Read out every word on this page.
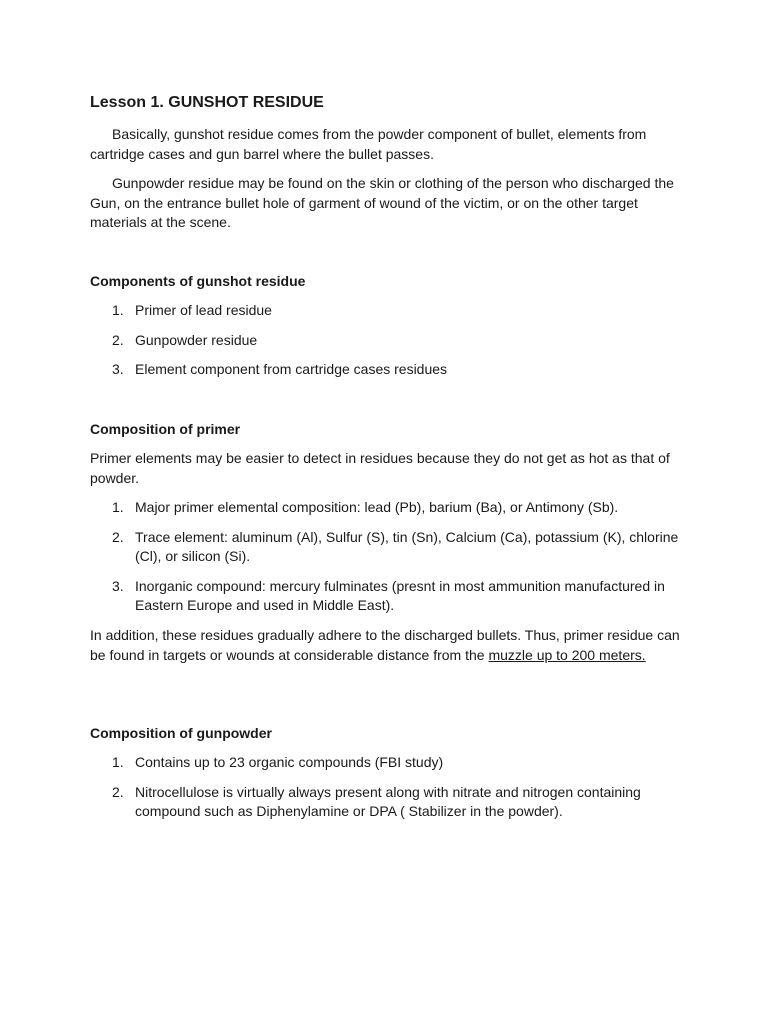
Lesson 1. GUNSHOT RESIDUE

Basically, gunshot residue comes from the powder component of bullet, elements from cartridge cases and gun barrel where the bullet passes.

Gunpowder residue may be found on the skin or clothing of the person who discharged the Gun, on the entrance bullet hole of garment of wound of the victim, or on the other target materials at the scene.

Components of gunshot residue
1. Primer of lead residue
2. Gunpowder residue
3. Element component from cartridge cases residues
Composition of primer

Primer elements may be easier to detect in residues because they do not get as hot as that of powder.

1. Major primer elemental composition: lead (Pb), barium (Ba), or Antimony (Sb).
2. Trace element: aluminum (Al), Sulfur (S), tin (Sn), Calcium (Ca), potassium (K), chlorine (Cl), or silicon (Si).
3. Inorganic compound: mercury fulminates (presnt in most ammunition manufactured in Eastern Europe and used in Middle East).

In addition, these residues gradually adhere to the discharged bullets. Thus, primer residue can be found in targets or wounds at considerable distance from the muzzle up to 200 meters.

Composition of gunpowder
1. Contains up to 23 organic compounds (FBI study)
2. Nitrocellulose is virtually always present along with nitrate and nitrogen containing compound such as Diphenylamine or DPA ( Stabilizer in the powder).
